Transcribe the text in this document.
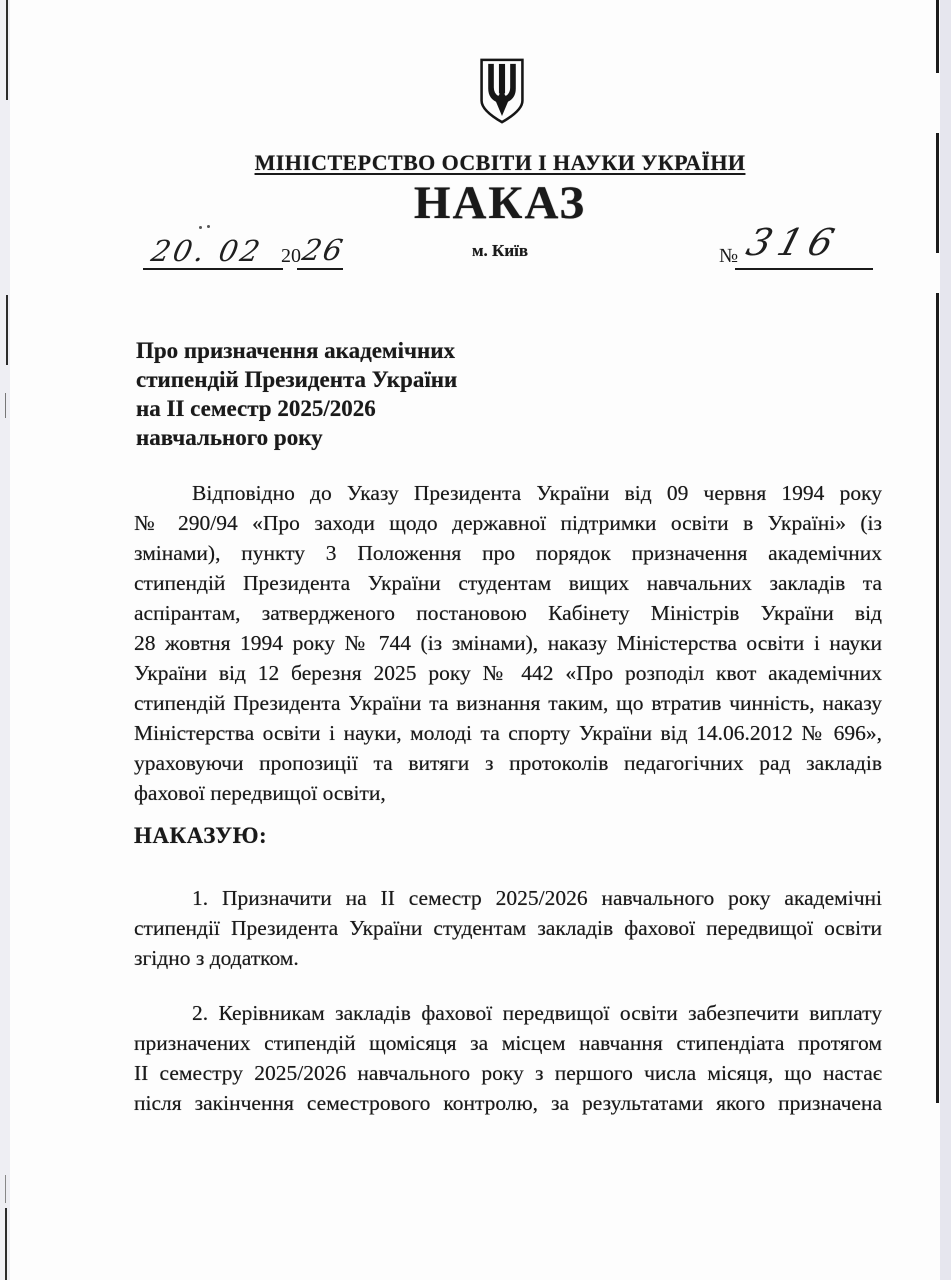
МІНІСТЕРСТВО ОСВІТИ І НАУКИ УКРАЇНИ
НАКАЗ
м. Київ
20. 02 20
26	№ 316
Про призначення академічних
стипендій Президента України
на ІІ семестр 2025/2026
навчального року
Відповідно до Указу Президента України від 09 червня 1994 року
№ 290/94 «Про заходи щодо державної підтримки освіти в Україні» (із
змінами), пункту 3 Положення про порядок призначення академічних
стипендій Президента України студентам вищих навчальних закладів та
аспірантам, затвердженого постановою Кабінету Міністрів України від
28 жовтня 1994 року № 744 (із змінами), наказу Міністерства освіти і науки
України від 12 березня 2025 року № 442 «Про розподіл квот академічних
стипендій Президента України та визнання таким, що втратив чинність, наказу
Міністерства освіти і науки, молоді та спорту України від 14.06.2012 № 696»,
ураховуючи пропозиції та витяги з протоколів педагогічних рад закладів
фахової передвищої освіти,
НАКАЗУЮ:
1. Призначити на ІІ семестр 2025/2026 навчального року академічні
стипендії Президента України студентам закладів фахової передвищої освіти
згідно з додатком.
2. Керівникам закладів фахової передвищої освіти забезпечити виплату
призначених стипендій щомісяця за місцем навчання стипендіата протягом
ІІ семестру 2025/2026 навчального року з першого числа місяця, що настає
після закінчення семестрового контролю, за результатами якого призначена
